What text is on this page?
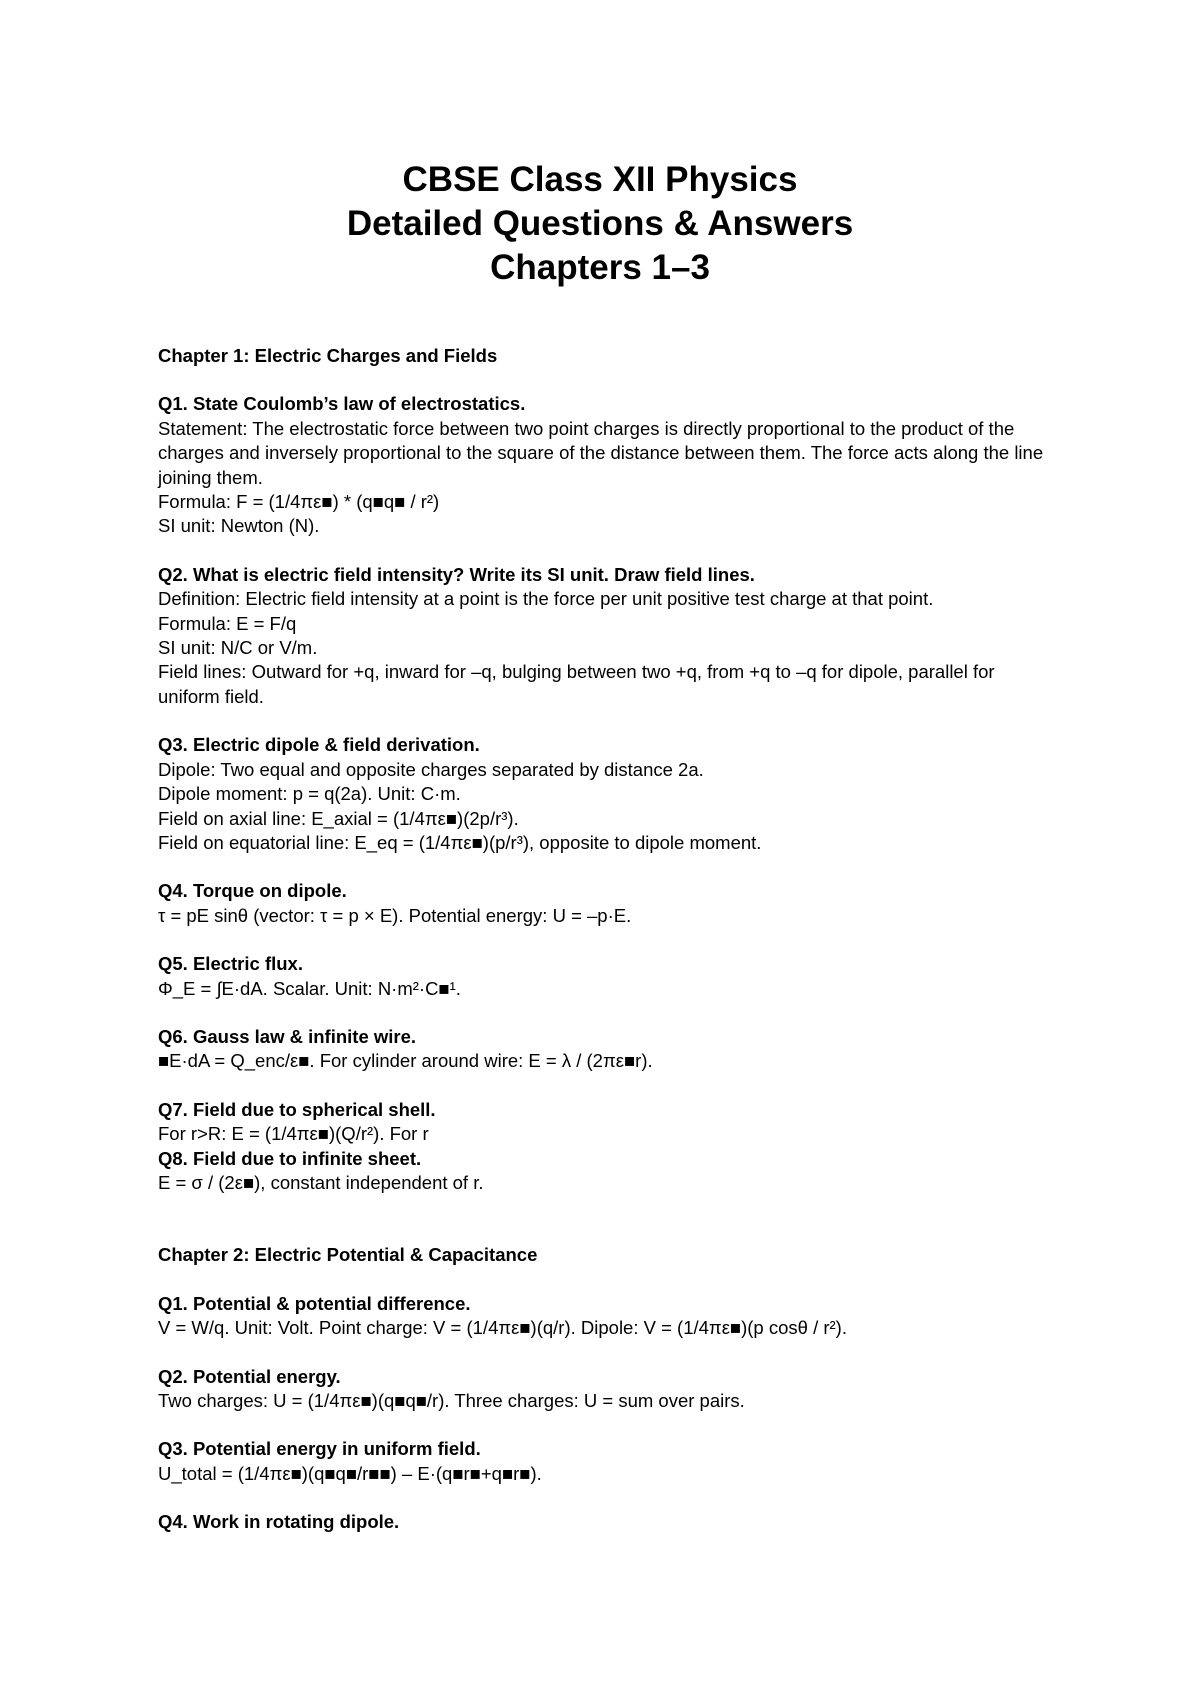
CBSE Class XII Physics

Detailed Questions & Answers

Chapters 1–3

Chapter 1: Electric Charges and Fields

Q1. State Coulomb’s law of electrostatics.

Statement: The electrostatic force between two point charges is directly proportional to the product of the charges and inversely proportional to the square of the distance between them. The force acts along the line joining them.

Formula: F = (1/4πε■) * (q■q■ / r²)

SI unit: Newton (N).

Q2. What is electric field intensity? Write its SI unit. Draw field lines.

Definition: Electric field intensity at a point is the force per unit positive test charge at that point.

Formula: E = F/q

SI unit: N/C or V/m.

Field lines: Outward for +q, inward for –q, bulging between two +q, from +q to –q for dipole, parallel for uniform field.

Q3. Electric dipole & field derivation.

Dipole: Two equal and opposite charges separated by distance 2a.

Dipole moment: p = q(2a). Unit: C·m.

Field on axial line: E_axial = (1/4πε■)(2p/r³).

Field on equatorial line: E_eq = (1/4πε■)(p/r³), opposite to dipole moment.

Q4. Torque on dipole.

τ = pE sinθ (vector: τ = p × E). Potential energy: U = –p·E.

Q5. Electric flux.

Φ_E = ∫E·dA. Scalar. Unit: N·m²·C■¹.

Q6. Gauss law & infinite wire.

■E·dA = Q_enc/ε■. For cylinder around wire: E = λ / (2πε■r).

Q7. Field due to spherical shell.

For r>R: E = (1/4πε■)(Q/r²). For r

Q8. Field due to infinite sheet.

E = σ / (2ε■), constant independent of r.

Chapter 2: Electric Potential & Capacitance

Q1. Potential & potential difference.

V = W/q. Unit: Volt. Point charge: V = (1/4πε■)(q/r). Dipole: V = (1/4πε■)(p cosθ / r²).

Q2. Potential energy.

Two charges: U = (1/4πε■)(q■q■/r). Three charges: U = sum over pairs.

Q3. Potential energy in uniform field.

U_total = (1/4πε■)(q■q■/r■■) – E·(q■r■+q■r■).

Q4. Work in rotating dipole.
